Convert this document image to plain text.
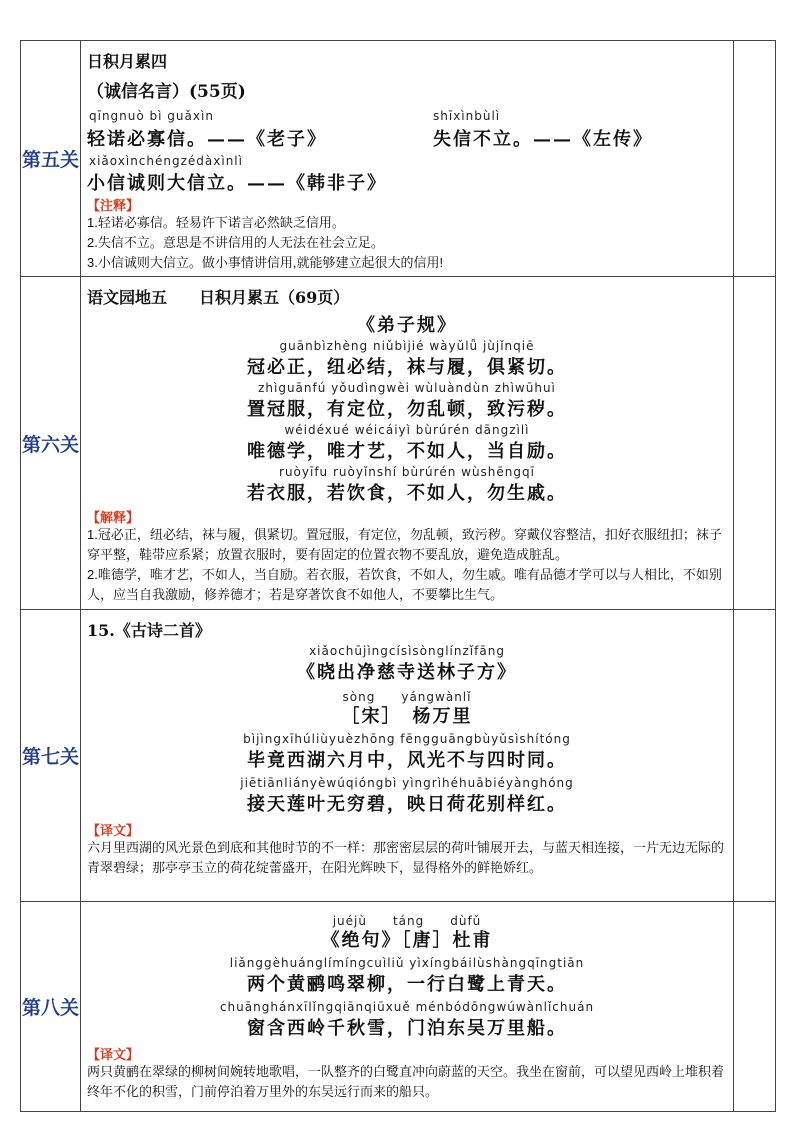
第五关
日积月累四
（诚信名言）(55页)
qīngnuò bì guǎxìn
轻诺必寡信。——《老子》
shīxìnbùlì
失信不立。——《左传》
xiǎoxìnchéngzédàxìnlì
小信诚则大信立。——《韩非子》
【注释】
1.轻诺必寡信。轻易许下诺言必然缺乏信用。
2.失信不立。意思是不讲信用的人无法在社会立足。
3.小信诚则大信立。做小事情讲信用,就能够建立起很大的信用!
第六关
语文园地五　　日积月累五（69页）
《弟子规》
guānbìzhèng niǔbìjié wàyǔlǚ jùjǐnqiē
冠必正，纽必结，袜与履，俱紧切。
zhìguānfú yǒudìngwèi wùluàndùn zhìwūhuì
置冠服，有定位，勿乱顿，致污秽。
wéidéxué wéicáiyì bùrúrén dāngzìlì
唯德学，唯才艺，不如人，当自励。
ruòyīfu ruòyǐnshí bùrúrén wùshēngqī
若衣服，若饮食，不如人，勿生戚。
【解释】
1.冠必正，纽必结，袜与履，俱紧切。置冠服，有定位，勿乱顿，致污秽。穿戴仪容整洁，扣好衣服纽扣；袜子穿平整，鞋带应系紧；放置衣服时，要有固定的位置衣物不要乱放，避免造成脏乱。
2.唯德学，唯才艺，不如人，当自励。若衣服，若饮食，不如人，勿生戚。唯有品德才学可以与人相比，不如别人，应当自我激励，修养德才；若是穿著饮食不如他人，不要攀比生气。
第七关
15.《古诗二首》
xiǎochūjìngcísìsònglínzǐfāng
《晓出净慈寺送林子方》
sòng　　yángwànlǐ
［宋］　杨万里
bìjìngxīhúliùyuèzhōng fēngguāngbùyǔsìshítóng
毕竟西湖六月中，风光不与四时同。
jiētiānliányèwúqióngbì yìngrìhéhuābiéyànghóng
接天莲叶无穷碧，映日荷花别样红。
【译文】
六月里西湖的风光景色到底和其他时节的不一样：那密密层层的荷叶铺展开去，与蓝天相连接，一片无边无际的青翠碧绿；那亭亭玉立的荷花绽蕾盛开，在阳光辉映下，显得格外的鲜艳娇红。
第八关
juéjù　　táng　　dùfǔ
《绝句》［唐］杜甫
liǎnggèhuánglímíngcuìliǔ yìxíngbáilùshàngqīngtiān
两个黄鹂鸣翠柳，一行白鹭上青天。
chuānghánxīlǐngqiānqiūxuě ménbódōngwúwànlǐchuán
窗含西岭千秋雪，门泊东吴万里船。
【译文】
两只黄鹂在翠绿的柳树间婉转地歌唱，一队整齐的白鹭直冲向蔚蓝的天空。我坐在窗前，可以望见西岭上堆积着终年不化的积雪，门前停泊着万里外的东吴远行而来的船只。
